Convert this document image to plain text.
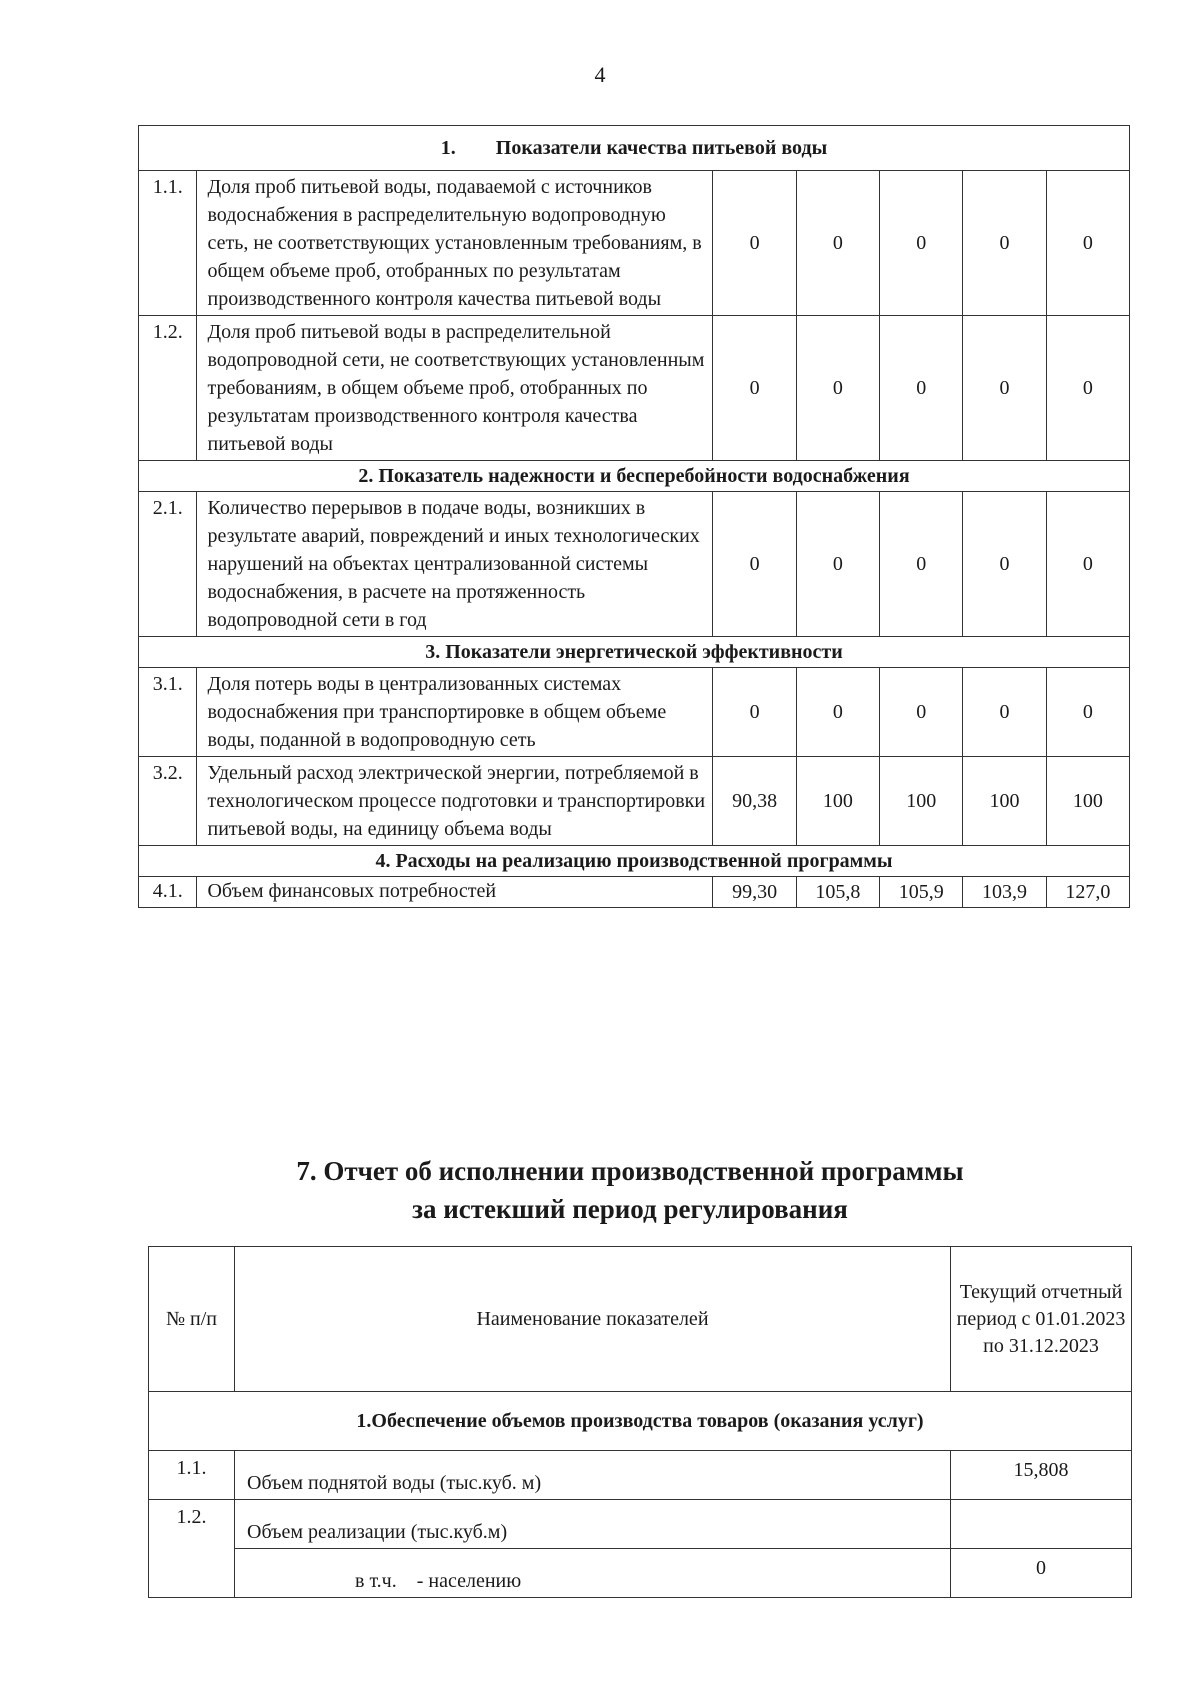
4
1.        Показатели качества питьевой воды						
1.1.	Доля проб питьевой воды, подаваемой с источников водоснабжения в распределительную водопроводную сеть, не соответствующих установленным требованиям, в общем объеме проб, отобранных по результатам производственного контроля качества питьевой воды	0	0	0	0	0
1.2.	Доля проб питьевой воды в распределительной водопроводной сети, не соответствующих установленным требованиям, в общем объеме проб, отобранных по результатам производственного контроля качества питьевой воды	0	0	0	0	0
2. Показатель надежности и бесперебойности водоснабжения						
2.1.	Количество перерывов в подаче воды, возникших в результате аварий, повреждений и иных технологических нарушений на объектах централизованной системы водоснабжения, в расчете на протяженность водопроводной сети в год	0	0	0	0	0
3. Показатели энергетической эффективности						
3.1.	Доля потерь воды в централизованных системах водоснабжения при транспортировке в общем объеме воды, поданной в водопроводную сеть	0	0	0	0	0
3.2.	Удельный расход электрической энергии, потребляемой в технологическом процессе подготовки и транспортировки питьевой воды, на единицу объема воды	90,38	100	100	100	100
4. Расходы на реализацию производственной программы						
4.1.	Объем финансовых потребностей	99,30	105,8	105,9	103,9	127,0
7. Отчет об исполнении производственной программы
за истекший период регулирования
№ п/п	Наименование показателей	Текущий отчетный период с 01.01.2023 по 31.12.2023
1.Обеспечение объемов производства товаров (оказания услуг)		
1.1.	Объем поднятой воды (тыс.куб. м)	15,808
1.2.	Объем реализации (тыс.куб.м)	
	в т.ч.    - населению	0
